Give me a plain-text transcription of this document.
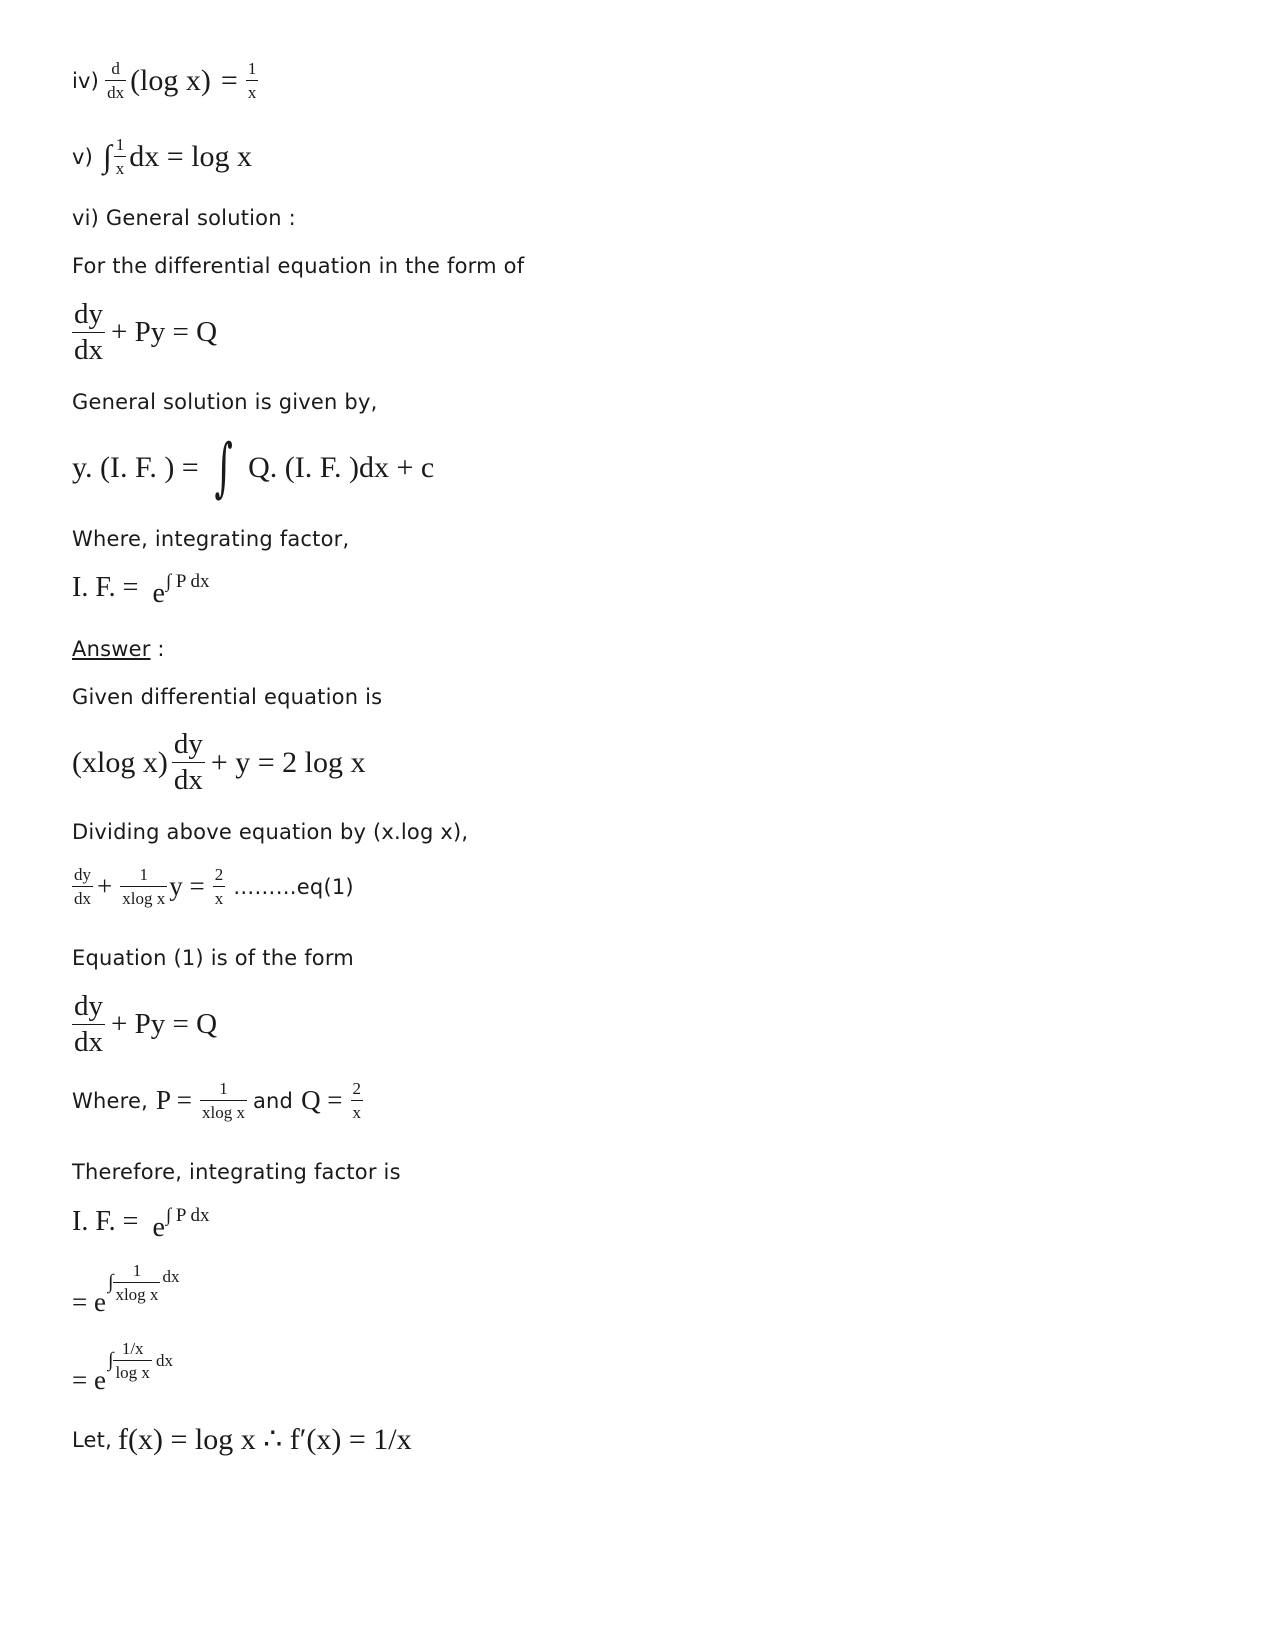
$iv) \frac{d}{dx} (\log$ $x) = \frac{1}{x}$
v) ∫ $\frac{1}{x}$ dx = log x
vi) General solution :
For the differential equation in the form of
$\frac{dy}{dx} + Py = Q$
General solution is given by,
y. (I. F. ) = ∫ Q. (I. F. )dx + c
Where, integrating factor,
I. F. = e ∫ P dx
Answer :
Given differential equation is
(xlog $x) \frac{dy}{dx} + y = 2$ log x
Dividing above equation by (x.log x),
$\frac{dy}{dx} + \frac{1}{\text{xlog x}}$ $y = \frac{2}{x}$ ………eq(1)
Equation (1) is of the form
$\frac{dy}{dx} + Py = Q$
Where, $P = \frac{1}{\text{xlog x}}$ and $Q = \frac{2}{x}$
Therefore, integrating factor is
I. F. = e ∫ P dx
= e
∫ $\frac{1}{\text{xlog x}}$ dx
= e
∫ $\frac{1/x}{\text{log x}}$ dx
Let, f(x) = log x ∴ f′(x) = 1/x
